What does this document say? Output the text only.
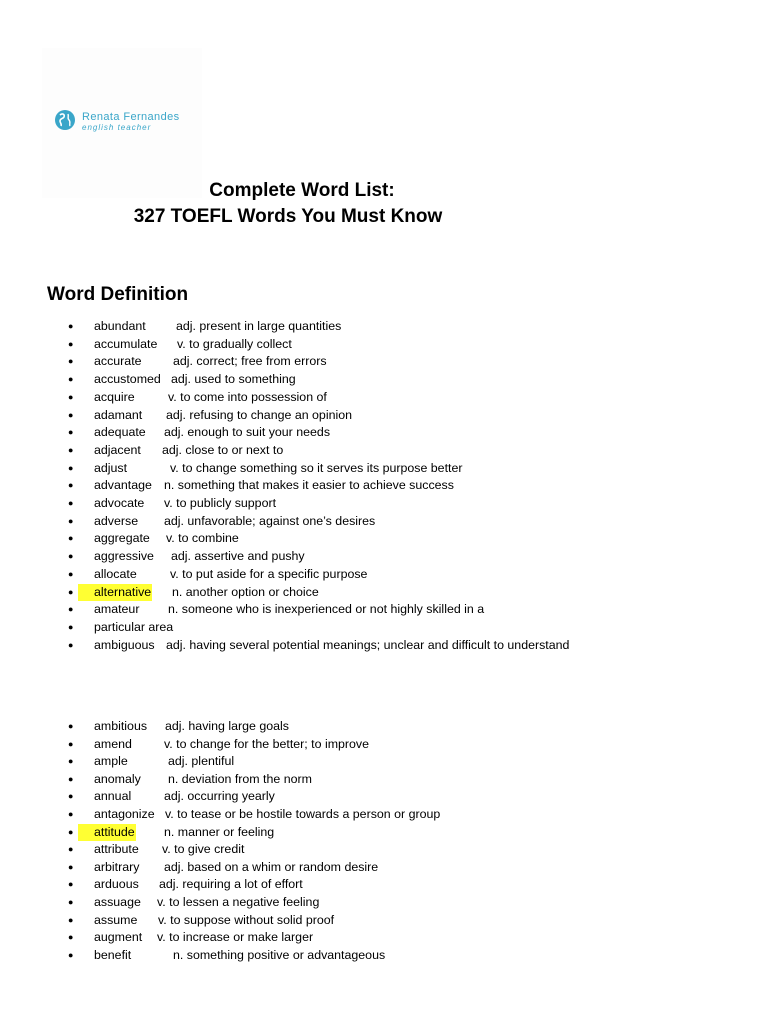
Renata Fernandes
english teacher
Complete Word List:
327 TOEFL Words You Must Know
Word Definition
● abundant adj. present in large quantities
● accumulate v. to gradually collect
● accurate	adj. correct; free from errors
● accustomed adj. used to something
● acquire	v. to come into possession of
● adamant adj. refusing to change an opinion
● adequate adj. enough to suit your needs
● adjacent adj. close to or next to
● adjust	v. to change something so it serves its purpose better
● advantage n. something that makes it easier to achieve success
● advocate v. to publicly support
● adverse adj. unfavorable; against one’s desires
● aggregate v. to combine
● aggressive adj. assertive and pushy
● allocate	v. to put aside for a specific purpose
●	alternative n. another option or choice
● amateur n. someone who is inexperienced or not highly skilled in a
● particular area
● ambiguous adj. having several potential meanings; unclear and difficult to understand
● ambitious adj. having large goals
● amend	v. to change for the better; to improve
● ample	adj. plentiful
● anomaly n. deviation from the norm
● annual	adj. occurring yearly
● antagonize v. to tease or be hostile towards a person or group
●	attitude n. manner or feeling
● attribute v. to give credit
● arbitrary adj. based on a whim or random desire
● arduous adj. requiring a lot of effort
● assuage v. to lessen a negative feeling
● assume v. to suppose without solid proof
● augment v. to increase or make larger
● benefit	n. something positive or advantageous
